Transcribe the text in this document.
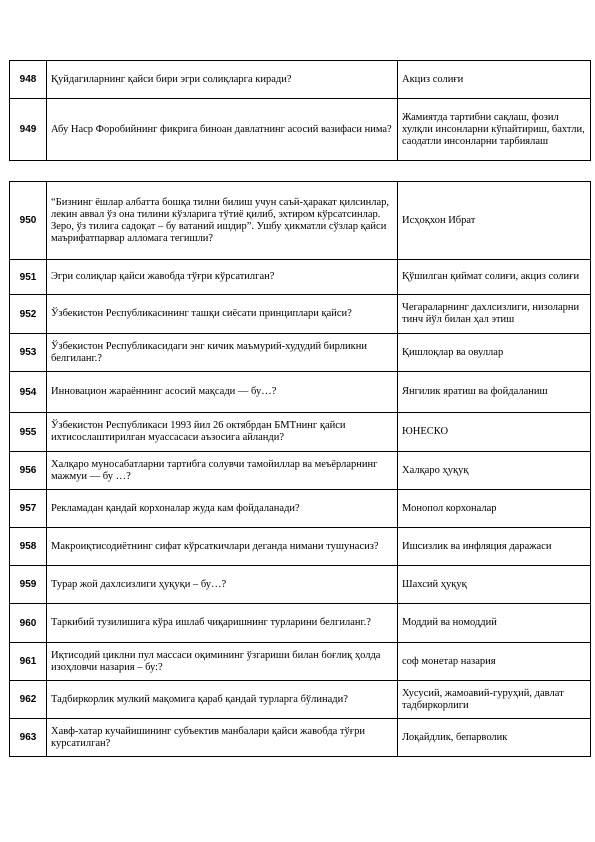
948	Қуйдагиларнинг қайси бири эгри солиқларга киради?	Акциз солиғи
949	Абу Наср Форобийнинг фикрига биноан давлатнинг асосий вазифаси нима?	Жамиятда тартибни сақлаш, фозил хулқли инсонларни кўпайтириш, бахтли, саодатли инсонларни тарбиялаш
950	“Бизнинг ёшлар албатта бошқа тилни билиш учун саъй-ҳаракат қилсинлар, лекин аввал ўз она тилини кўзларига тўтиё қилиб, эхтиром кўрсатсинлар. Зеро, ўз тилига садоқат – бу ватаний ишдир”. Ушбу ҳикматли сўзлар қайси маърифатпарвар алломага тегишли?	Исҳоқхон Ибрат
951	Эгри солиқлар қайси жавобда тўғри кўрсатилган?	Қўшилган қиймат солиғи, акциз солиғи
952	Ўзбекистон Республикасининг ташқи сиёсати принциплари қайси?	Чегараларнинг дахлсизлиги, низоларни тинч йўл билан ҳал этиш
953	Ўзбекистон Республикасидаги энг кичик маъмурий-худудий бирликни белгиланг.?	Қишлоқлар ва овуллар
954	Инновацион жараённинг асосий мақсади — бу…?	Янгилик яратиш ва фойдаланиш
955	Ўзбекистон Республикаси 1993 йил 26 октябрдан БМТнинг қайси ихтисослаштирилган муассасаси аъзосига айланди?	ЮНЕСКО
956	Халқаро муносабатларни тартибга солувчи тамойиллар ва меъёрларнинг мажмуи — бу …?	Халқаро ҳуқуқ
957	Рекламадан қандай корхоналар жуда кам фойдаланади?	Монопол корхоналар
958	Макроиқтисодиётнинг сифат кўрсаткичлари деганда нимани тушунасиз?	Ишсизлик ва инфляция даражаси
959	Турар жой дахлсизлиги ҳуқуқи – бу…?	Шахсий ҳуқуқ
960	Таркибий тузилишига кўра ишлаб чиқаришнинг турларини белгиланг.?	Моддий ва номоддий
961	Иқтисодий циклни пул массаси оқимининг ўзгариши билан боғлиқ ҳолда изоҳловчи назария – бу:?	соф монетар назария
962	Тадбиркорлик мулкий мақомига қараб қандай турларга бўлинади?	Хусусий, жамоавий-гуруҳий, давлат тадбиркорлиги
963	Хавф-хатар кучайишининг субъектив манбалари қайси жавобда тўғри курсатилган?	Лоқайдлик, бепарволик
